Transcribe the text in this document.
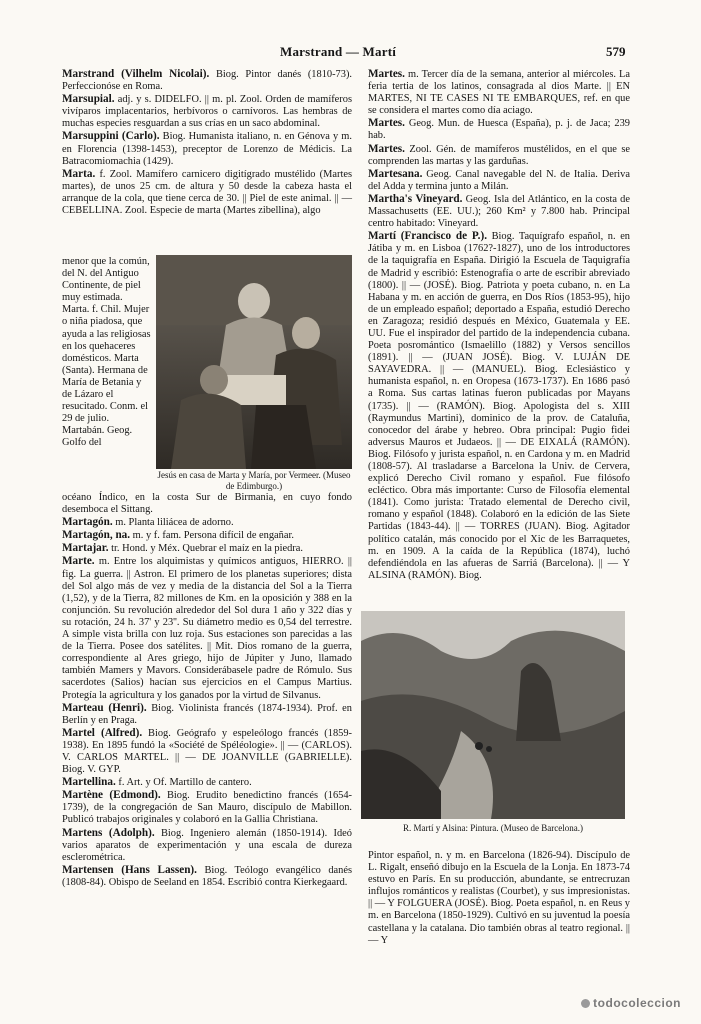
Marstrand — Martí	579

Marstrand (Vilhelm Nicolai). Biog. Pintor danés (1810-73). Perfeccionóse en Roma.

Marsupial. adj. y s. DIDELFO. || m. pl. Zool. Orden de mamíferos vivíparos implacentarios, herbívoros o carnívoros. Las hembras de muchas especies resguardan a sus crías en un saco abdominal.

Marsuppini (Carlo). Biog. Humanista italiano, n. en Génova y m. en Florencia (1398-1453), preceptor de Lorenzo de Médicis. La Batracomiomachia (1429).

Marta. f. Zool. Mamífero carnicero digitígrado mustélido (Martes martes), de unos 25 cm. de altura y 50 desde la cabeza hasta el arranque de la cola, que tiene cerca de 30. || Piel de este animal. || — CEBELLINA. Zool. Especie de marta (Martes zibellina), algo

menor que la común, del N. del Antiguo Continente, de piel muy estimada. Marta. f. Chil. Mujer o niña piadosa, que ayuda a las religiosas en los quehaceres domésticos. Marta (Santa). Hermana de María de Betania y de Lázaro el resucitado. Conm. el 29 de julio. Martabán. Geog. Golfo del
Jesús en casa de Marta y María, por Vermeer. (Museo de Edimburgo.)

océano Índico, en la costa Sur de Birmania, en cuyo fondo desemboca el Sittang.

Martagón. m. Planta liliácea de adorno.

Martagón, na. m. y f. fam. Persona difícil de engañar.

Martajar. tr. Hond. y Méx. Quebrar el maíz en la piedra.

Marte. m. Entre los alquimistas y químicos antiguos, HIERRO. || fig. La guerra. || Astron. El primero de los planetas superiores; dista del Sol algo más de vez y media de la distancia del Sol a la Tierra (1,52), y de la Tierra, 82 millones de Km. en la oposición y 388 en la conjunción. Su revolución alrededor del Sol dura 1 año y 322 días y su rotación, 24 h. 37' y 23''. Su diámetro medio es 0,54 del terrestre. A simple vista brilla con luz roja. Sus estaciones son parecidas a las de la Tierra. Posee dos satélites. || Mit. Dios romano de la guerra, correspondiente al Ares griego, hijo de Júpiter y Juno, llamado también Mamers y Mavors. Considerábasele padre de Rómulo. Sus sacerdotes (Salios) hacían sus ejercicios en el Campus Martius. Protegía la agricultura y los ganados por la virtud de Silvanus.

Marteau (Henri). Biog. Violinista francés (1874-1934). Prof. en Berlín y en Praga.

Martel (Alfred). Biog. Geógrafo y espeleólogo francés (1859-1938). En 1895 fundó la «Société de Spéléologie». || — (CARLOS). V. CARLOS MARTEL. || — DE JOANVILLE (GABRIELLE). Biog. V. GYP.

Martellina. f. Art. y Of. Martillo de cantero.

Martène (Edmond). Biog. Erudito benedictino francés (1654-1739), de la congregación de San Mauro, discípulo de Mabillon. Publicó trabajos originales y colaboró en la Gallia Christiana.

Martens (Adolph). Biog. Ingeniero alemán (1850-1914). Ideó varios aparatos de experimentación y una escala de dureza esclerométrica.

Martensen (Hans Lassen). Biog. Teólogo evangélico danés (1808-84). Obispo de Seeland en 1854. Escribió contra Kierkegaard.

Martes. m. Tercer día de la semana, anterior al miércoles. La feria tertia de los latinos, consagrada al dios Marte. || EN MARTES, NI TE CASES NI TE EMBARQUES, ref. en que se considera el martes como día aciago.

Martes. Geog. Mun. de Huesca (España), p. j. de Jaca; 239 hab.

Martes. Zool. Gén. de mamíferos mustélidos, en el que se comprenden las martas y las garduñas.

Martesana. Geog. Canal navegable del N. de Italia. Deriva del Adda y termina junto a Milán.

Martha's Vineyard. Geog. Isla del Atlántico, en la costa de Massachusetts (EE. UU.); 260 Km² y 7.800 hab. Principal centro habitado: Vineyard.

Martí (Francisco de P.). Biog. Taquígrafo español, n. en Játiba y m. en Lisboa (1762?-1827), uno de los introductores de la taquigrafía en España. Dirigió la Escuela de Taquigrafía de Madrid y escribió: Estenografía o arte de escribir abreviado (1800). || — (JOSÉ). Biog. Patriota y poeta cubano, n. en La Habana y m. en acción de guerra, en Dos Ríos (1853-95), hijo de un empleado español; deportado a España, estudió Derecho en Zaragoza; residió después en México, Guatemala y EE. UU. Fue el inspirador del partido de la independencia cubana. Poeta posromántico (Ismaelillo (1882) y Versos sencillos (1891). || — (JUAN JOSÉ). Biog. V. LUJÁN DE SAYAVEDRA. || — (MANUEL). Biog. Eclesiástico y humanista español, n. en Oropesa (1673-1737). En 1686 pasó a Roma. Sus cartas latinas fueron publicadas por Mayans (1735). || — (RAMÓN). Biog. Apologista del s. XIII (Raymundus Martini), dominico de la prov. de Cataluña, conocedor del árabe y hebreo. Obra principal: Pugio fidei adversus Mauros et Judaeos. || — DE EIXALÁ (RAMÓN). Biog. Filósofo y jurista español, n. en Cardona y m. en Madrid (1808-57). Al trasladarse a Barcelona la Univ. de Cervera, explicó Derecho Civil romano y español. Fue filósofo ecléctico. Obra más importante: Curso de Filosofía elemental (1841). Como jurista: Tratado elemental de Derecho civil, romano y español (1848). Colaboró en la edición de las Siete Partidas (1843-44). || — TORRES (JUAN). Biog. Agitador político catalán, más conocido por el Xic de les Barraquetes, m. en 1909. A la caída de la República (1874), luchó defendiéndola en las afueras de Sarriá (Barcelona). || — Y ALSINA (RAMÓN). Biog.

R. Martí y Alsina: Pintura. (Museo de Barcelona.)
Pintor español, n. y m. en Barcelona (1826-94). Discípulo de L. Rigalt, enseñó dibujo en la Escuela de la Lonja. En 1873-74 estuvo en París. En su producción, abundante, se entrecruzan influjos románticos y realistas (Courbet), y sus impresionistas. || — Y FOLGUERA (JOSÉ). Biog. Poeta español, n. en Reus y m. en Barcelona (1850-1929). Cultivó en su juventud la poesía castellana y la catalana. Dio también obras al teatro regional. || — Y
todocoleccion
